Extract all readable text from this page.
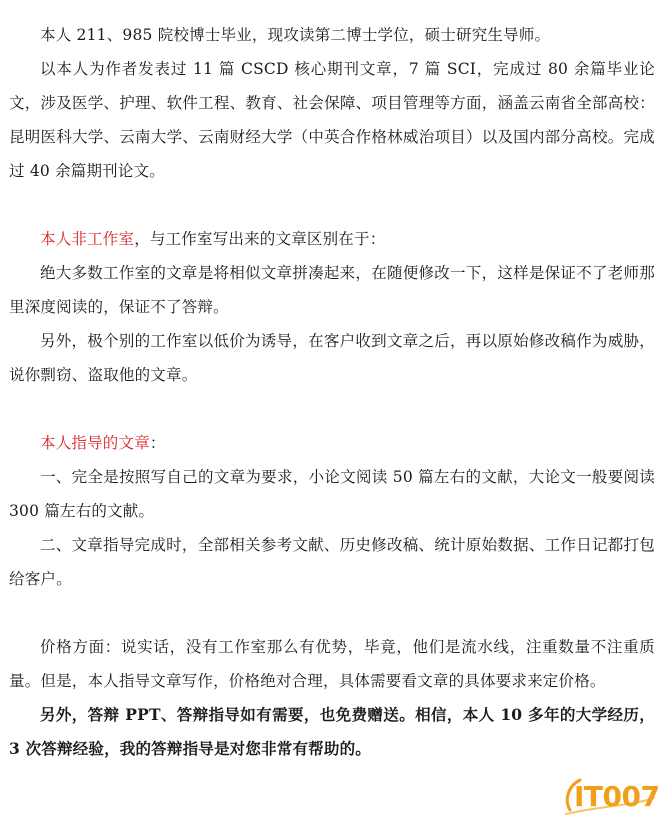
本人 211、985 院校博士毕业，现攻读第二博士学位，硕士研究生导师。

以本人为作者发表过 11 篇 CSCD 核心期刊文章，7 篇 SCI，完成过 80 余篇毕业论文，涉及医学、护理、软件工程、教育、社会保障、项目管理等方面，涵盖云南省全部高校：昆明医科大学、云南大学、云南财经大学（中英合作格林威治项目）以及国内部分高校。完成过 40 余篇期刊论文。

本人非工作室，与工作室写出来的文章区别在于：

绝大多数工作室的文章是将相似文章拼凑起来，在随便修改一下，这样是保证不了老师那里深度阅读的，保证不了答辩。

另外，极个别的工作室以低价为诱导，在客户收到文章之后，再以原始修改稿作为威胁，说你剽窃、盗取他的文章。

本人指导的文章：

一、完全是按照写自己的文章为要求，小论文阅读 50 篇左右的文献，大论文一般要阅读 300 篇左右的文献。

二、文章指导完成时，全部相关参考文献、历史修改稿、统计原始数据、工作日记都打包给客户。

价格方面：说实话，没有工作室那么有优势，毕竟，他们是流水线，注重数量不注重质量。但是，本人指导文章写作，价格绝对合理，具体需要看文章的具体要求来定价格。

另外，答辩 PPT、答辩指导如有需要，也免费赠送。相信，本人 10 多年的大学经历，3 次答辩经验，我的答辩指导是对您非常有帮助的。

IT007
